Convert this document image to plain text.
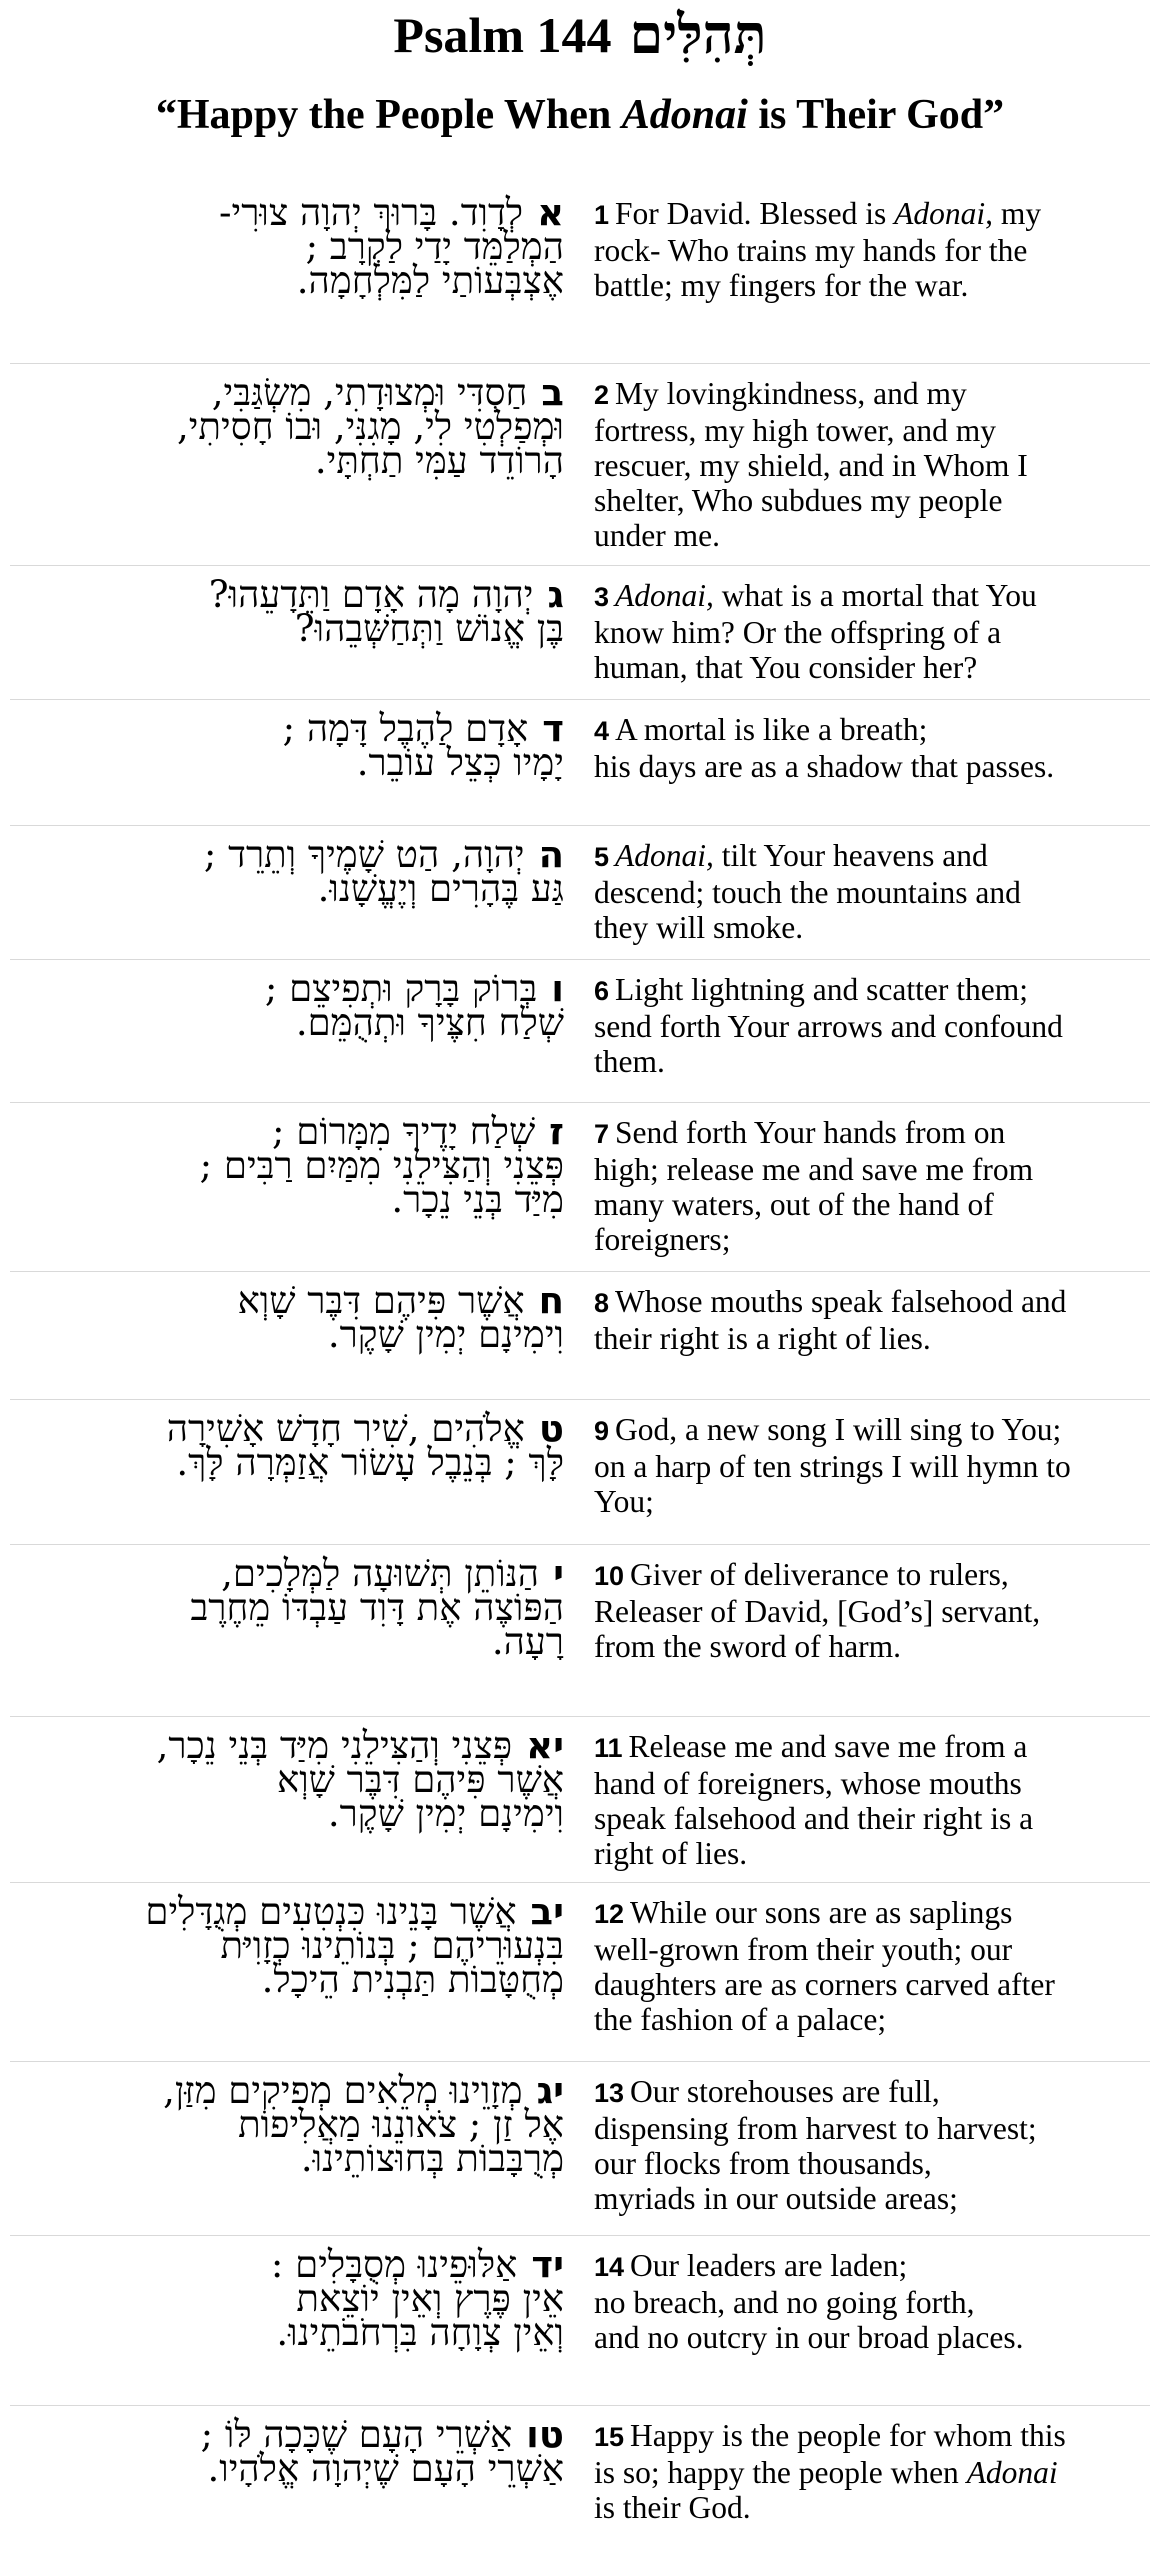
Psalm 144 תְּהִלִּים
“Happy the People When Adonai is Their God”
אלְדָוִד. בָּרוּךְ יְהוָה צוּרִי-
הַמְלַמֵּד יָדַי לַקְרָב ;
אֶצְבְּעוֹתַי לַמִּלְחָמָה.
1 For David. Blessed is Adonai, my
rock- Who trains my hands for the
battle; my fingers for the war.
בחַסְדִּי וּמְצוּדָתִי, מִשְׂגַּבִּי,
וּמְפַלְטִי לִי, מָגִנִּי, וּבוֹ חָסִיתִי,
הָרוֹדֵד עַמִּי תַחְתָּי.
2 My lovingkindness, and my
fortress, my high tower, and my
rescuer, my shield, and in Whom I
shelter, Who subdues my people
under me.
גיְהוָה מָה אָדָם וַתֵּדָעֵהוּ?
בֶּן אֱנוֹשׁ וַתְּחַשְּׁבֵהוּ?
3 Adonai, what is a mortal that You
know him? Or the offspring of a
human, that You consider her?
דאָדָם לַהֶבֶל דָּמָה ;
יָמָיו כְּצֵל עוֹבֵר.
4 A mortal is like a breath;
his days are as a shadow that passes.
היְהוָה, הַט שָׁמֶיךָ וְתֵרֵד ;
גַּע בֶּהָרִים וְיֶעֱשָׁנוּ.
5 Adonai, tilt Your heavens and
descend; touch the mountains and
they will smoke.
ובְּרוֹק בָּרָק וּתְפִיצֵם ;
שְׁלַח חִצֶּיךָ וּתְהֻמֵּם.
6 Light lightning and scatter them;
send forth Your arrows and confound
them.
זשְׁלַח יָדֶיךָ מִמָּרוֹם ;
פְּצֵנִי וְהַצִּילֵנִי מִמַּיִם רַבִּים ;
מִיַּד בְּנֵי נֵכָר.
7 Send forth Your hands from on
high; release me and save me from
many waters, out of the hand of
foreigners;
חאֲשֶׁר פִּיהֶם דִּבֶּר שָׁוְא
וִימִינָם יְמִין שָׁקֶר.
8 Whose mouths speak falsehood and
their right is a right of lies.
טאֱלֹהִים ,שִׁיר חָדָשׁ אָשִׁירָה
לָּךְ ; בְּנֵבֶל עָשׂוֹר אֲזַמְּרָה לָּךְ.
9 God, a new song I will sing to You;
on a harp of ten strings I will hymn to
You;
יהַנּוֹתֵן תְּשׁוּעָה לַמְּלָכִים,
הַפּוֹצֶה אֶת דָּוִד עַבְדּוֹ מֵחֶרֶב
רָעָה.
10 Giver of deliverance to rulers,
Releaser of David, [God’s] servant,
from the sword of harm.
יאפְּצֵנִי וְהַצִּילֵנִי מִיַּד בְּנֵי נֵכָר,
אֲשֶׁר פִּיהֶם דִּבֶּר שָׁוְא
וִימִינָם יְמִין שָׁקֶר.
11 Release me and save me from a
hand of foreigners, whose mouths
speak falsehood and their right is a
right of lies.
יבאֲשֶׁר בָּנֵינוּ כִּנְטִעִים מְגֻדָּלִים
בִּנְעוּרֵיהֶם ; בְּנוֹתֵינוּ כְזָוִיּת
מְחֻטָּבוֹת תַּבְנִית הֵיכָל.
12 While our sons are as saplings
well-grown from their youth; our
daughters are as corners carved after
the fashion of a palace;
יגמְזָוֵינוּ מְלֵאִים מְפִיקִים מִזַּן,
אֶל זַן ; צֹאונֵנוּ מַאֲלִיפוֹת
מְרֻבָּבוֹת בְּחוּצוֹתֵינוּ.
13 Our storehouses are full,
dispensing from harvest to harvest;
our flocks from thousands,
myriads in our outside areas;
ידאַלּוּפֵינוּ מְסֻבָּלִים :
אֵין פֶּרֶץ וְאֵין יוֹצֵאת
וְאֵין צְוָחָה בִּרְחֹבֹתֵינוּ.
14 Our leaders are laden;
no breach, and no going forth,
and no outcry in our broad places.
טואַשְׁרֵי הָעָם שֶׁכָּכָה לּוֹ ;
אַשְׁרֵי הָעָם שֶׁיְהוָה אֱלֹהָיו.
15 Happy is the people for whom this
is so; happy the people when Adonai
is their God.
